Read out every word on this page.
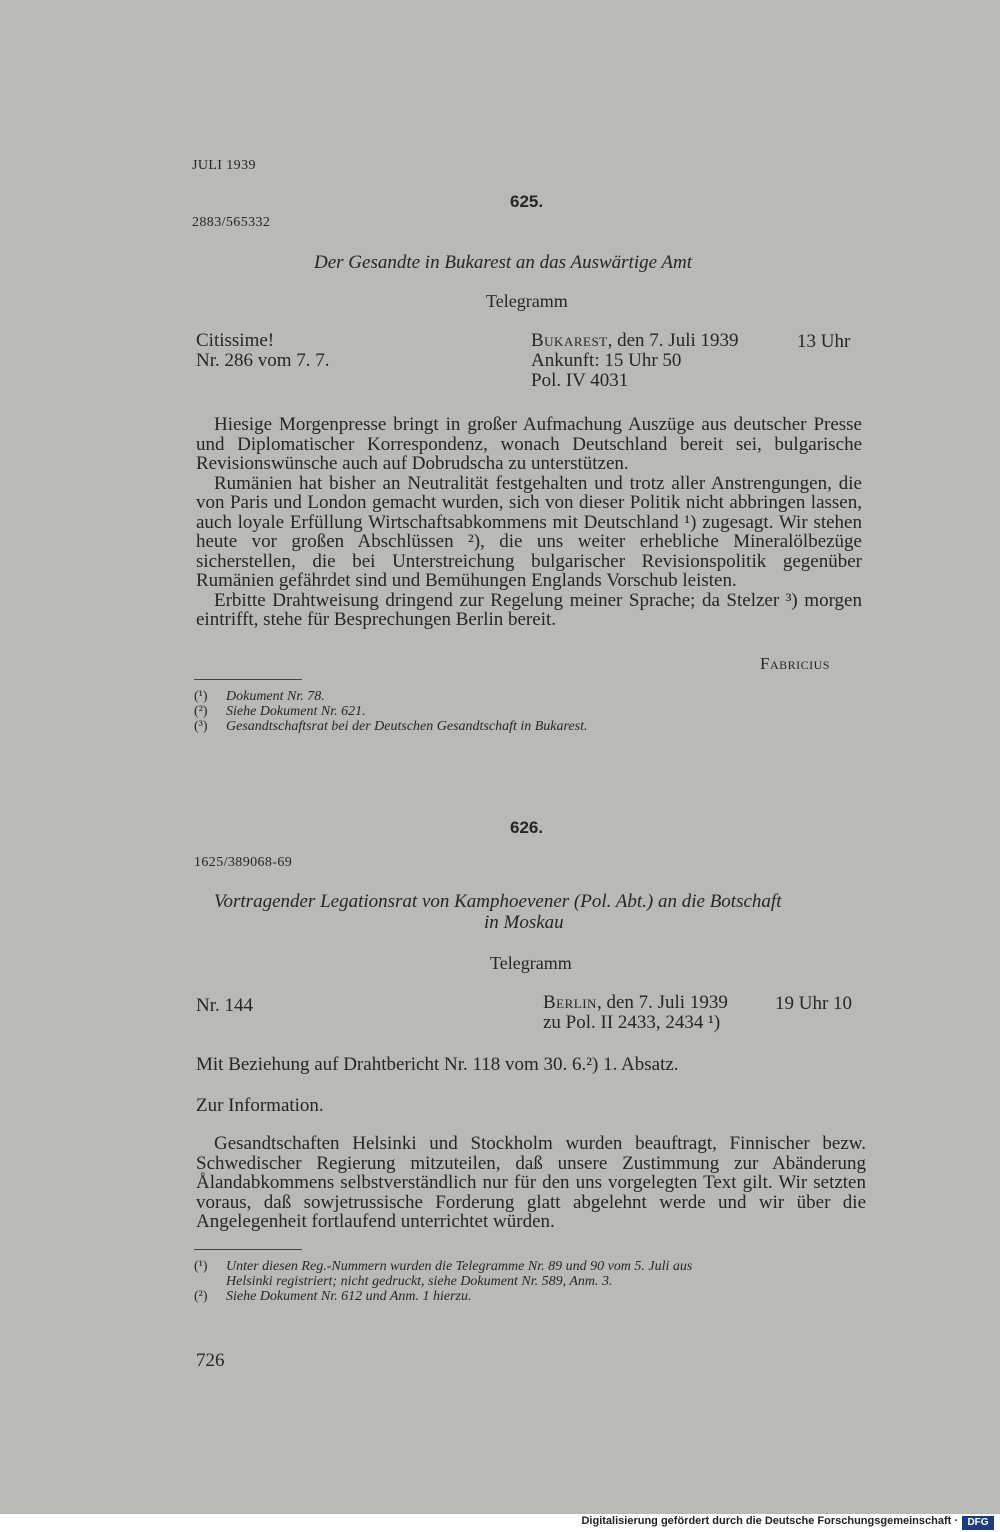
JULI 1939
625.
2883/565332
Der Gesandte in Bukarest an das Auswärtige Amt
Telegramm
Citissime!
Nr. 286 vom 7. 7.
Bukarest, den 7. Juli 1939
Ankunft: 15 Uhr 50
Pol. IV 4031
13 Uhr

Hiesige Morgenpresse bringt in großer Aufmachung Auszüge aus deutscher Presse und Diplomatischer Korrespondenz, wonach Deutschland bereit sei, bulgarische Revisionswünsche auch auf Dobrudscha zu unterstützen.

Rumänien hat bisher an Neutralität festgehalten und trotz aller Anstrengungen, die von Paris und London gemacht wurden, sich von dieser Politik nicht abbringen lassen, auch loyale Erfüllung Wirtschaftsabkommens mit Deutschland ¹) zugesagt. Wir stehen heute vor großen Abschlüssen ²), die uns weiter erhebliche Mineralölbezüge sicherstellen, die bei Unterstreichung bulgarischer Revisionspolitik gegenüber Rumänien gefährdet sind und Bemühungen Englands Vorschub leisten.

Erbitte Drahtweisung dringend zur Regelung meiner Sprache; da Stelzer ³) morgen eintrifft, stehe für Besprechungen Berlin bereit.

Fabricius
(¹) Dokument Nr. 78.
(²) Siehe Dokument Nr. 621.
(³) Gesandtschaftsrat bei der Deutschen Gesandtschaft in Bukarest.
626.
1625/389068-69
Vortragender Legationsrat von Kamphoevener (Pol. Abt.) an die Botschaft
in Moskau
Telegramm
Nr. 144	Berlin, den 7. Juli 1939
zu Pol. II 2433, 2434 ¹)
19 Uhr 10
Mit Beziehung auf Drahtbericht Nr. 118 vom 30. 6.²) 1. Absatz.
Zur Information.

Gesandtschaften Helsinki und Stockholm wurden beauftragt, Finnischer bezw. Schwedischer Regierung mitzuteilen, daß unsere Zustimmung zur Abänderung Ålandabkommens selbstverständlich nur für den uns vorgelegten Text gilt. Wir setzten voraus, daß sowjetrussische Forderung glatt abgelehnt werde und wir über die Angelegenheit fortlaufend unterrichtet würden.

(¹) Unter diesen Reg.-Nummern wurden die Telegramme Nr. 89 und 90 vom 5. Juli aus
Helsinki registriert; nicht gedruckt, siehe Dokument Nr. 589, Anm. 3.
(²) Siehe Dokument Nr. 612 und Anm. 1 hierzu.
726
Digitalisierung gefördert durch die Deutsche Forschungsgemeinschaft · DFG
